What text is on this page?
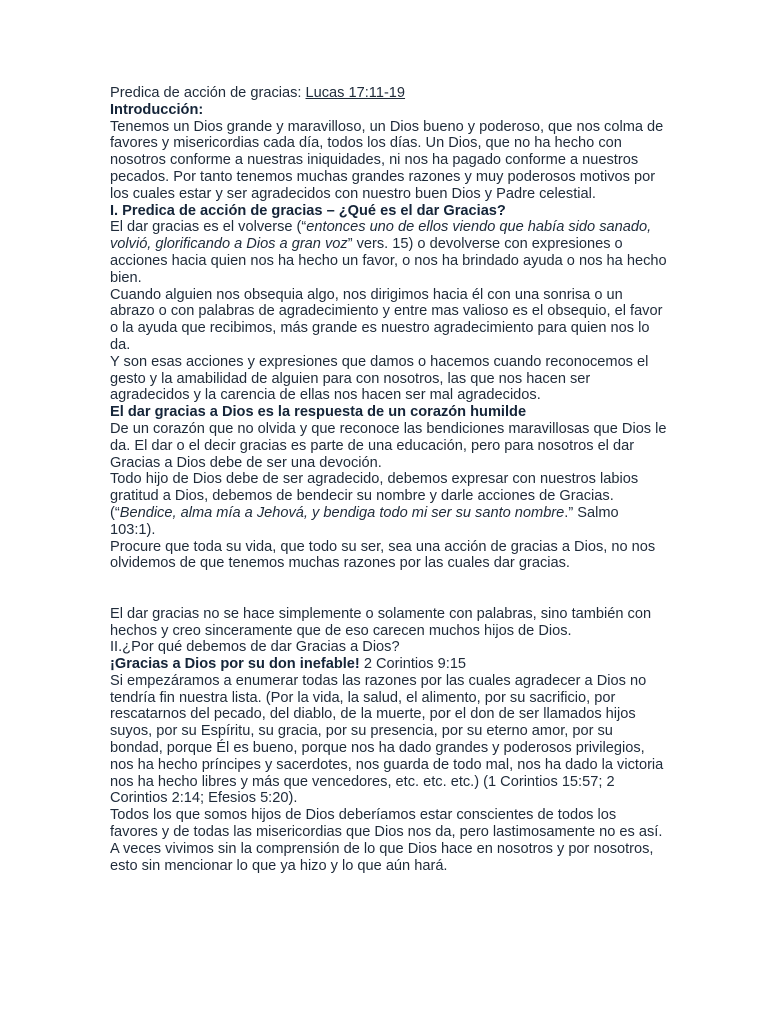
Predica de acción de gracias: Lucas 17:11-19

Introducción:

Tenemos un Dios grande y maravilloso, un Dios bueno y poderoso, que nos colma de favores y misericordias cada día, todos los días. Un Dios, que no ha hecho con nosotros conforme a nuestras iniquidades, ni nos ha pagado conforme a nuestros pecados. Por tanto tenemos muchas grandes razones y muy poderosos motivos por los cuales estar y ser agradecidos con nuestro buen Dios y Padre celestial.

I. Predica de acción de gracias – ¿Qué es el dar Gracias?

El dar gracias es el volverse (“entonces uno de ellos viendo que había sido sanado, volvió, glorificando a Dios a gran voz” vers. 15) o devolverse con expresiones o acciones hacia quien nos ha hecho un favor, o nos ha brindado ayuda o nos ha hecho bien.

Cuando alguien nos obsequia algo, nos dirigimos hacia él con una sonrisa o un abrazo o con palabras de agradecimiento y entre mas valioso es el obsequio, el favor o la ayuda que recibimos, más grande es nuestro agradecimiento para quien nos lo da.

Y son esas acciones y expresiones que damos o hacemos cuando reconocemos el gesto y la amabilidad de alguien para con nosotros, las que nos hacen ser agradecidos y la carencia de ellas nos hacen ser mal agradecidos.

El dar gracias a Dios es la respuesta de un corazón humilde

De un corazón que no olvida y que reconoce las bendiciones maravillosas que Dios le da. El dar o el decir gracias es parte de una educación, pero para nosotros el dar Gracias a Dios debe de ser una devoción.

Todo hijo de Dios debe de ser agradecido, debemos expresar con nuestros labios gratitud a Dios, debemos de bendecir su nombre y darle acciones de Gracias. (“Bendice, alma mía a Jehová, y bendiga todo mi ser su santo nombre.” Salmo 103:1).

Procure que toda su vida, que todo su ser, sea una acción de gracias a Dios, no nos olvidemos de que tenemos muchas razones por las cuales dar gracias.

El dar gracias no se hace simplemente o solamente con palabras, sino también con hechos y creo sinceramente que de eso carecen muchos hijos de Dios.

II.¿Por qué debemos de dar Gracias a Dios?

¡Gracias a Dios por su don inefable! 2 Corintios 9:15

Si empezáramos a enumerar todas las razones por las cuales agradecer a Dios no tendría fin nuestra lista. (Por la vida, la salud, el alimento, por su sacrificio, por rescatarnos del pecado, del diablo, de la muerte, por el don de ser llamados hijos suyos, por su Espíritu, su gracia, por su presencia, por su eterno amor, por su bondad, porque Él es bueno, porque nos ha dado grandes y poderosos privilegios, nos ha hecho príncipes y sacerdotes, nos guarda de todo mal, nos ha dado la victoria nos ha hecho libres y más que vencedores, etc. etc. etc.) (1 Corintios 15:57; 2 Corintios 2:14; Efesios 5:20).

Todos los que somos hijos de Dios deberíamos estar conscientes de todos los favores y de todas las misericordias que Dios nos da, pero lastimosamente no es así. A veces vivimos sin la comprensión de lo que Dios hace en nosotros y por nosotros, esto sin mencionar lo que ya hizo y lo que aún hará.
